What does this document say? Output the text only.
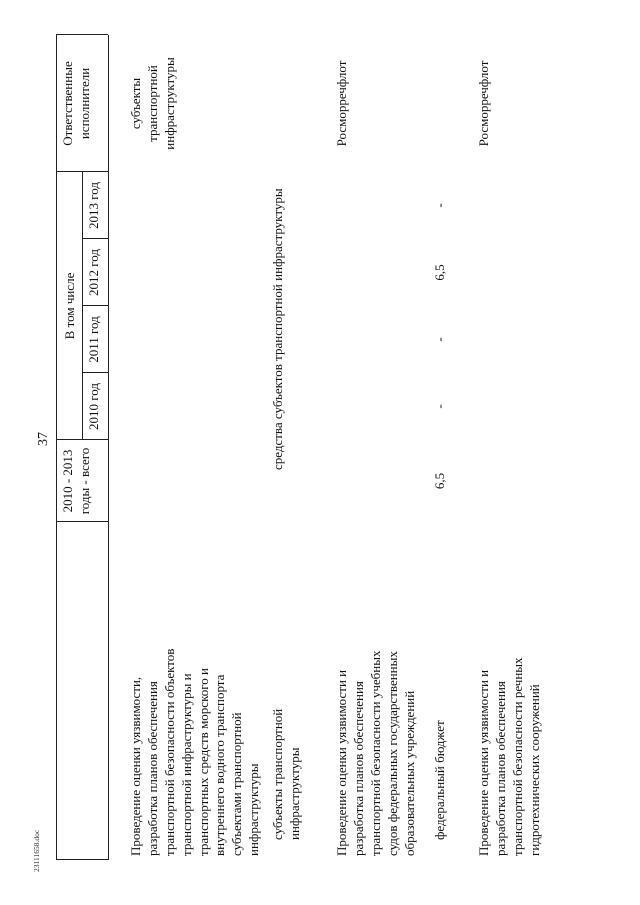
37
2010 - 2013 годы - всего
В том числе
2010 год
2011 год
2012 год
2013 год
Ответственные исполнители
Проведение оценки уязвимости, разработка планов обеспечения транспортной безопасности объектов транспортной инфраструктуры и транспортных средств морского и внутреннего водного транспорта субъектами транспортной инфраструктуры
субъекты транспортной инфраструктуры
субъекты транспортной инфраструктуры
средства субъектов транспортной инфраструктуры
Проведение оценки уязвимости и разработка планов обеспечения транспортной безопасности учебных судов федеральных государственных образовательных учреждений
Росморречфлот
федеральный бюджет
6,5
-
-
6,5
-
Проведение оценки уязвимости и разработка планов обеспечения транспортной безопасности речных гидротехнических сооружений
Росморречфлот
23111658.doc
